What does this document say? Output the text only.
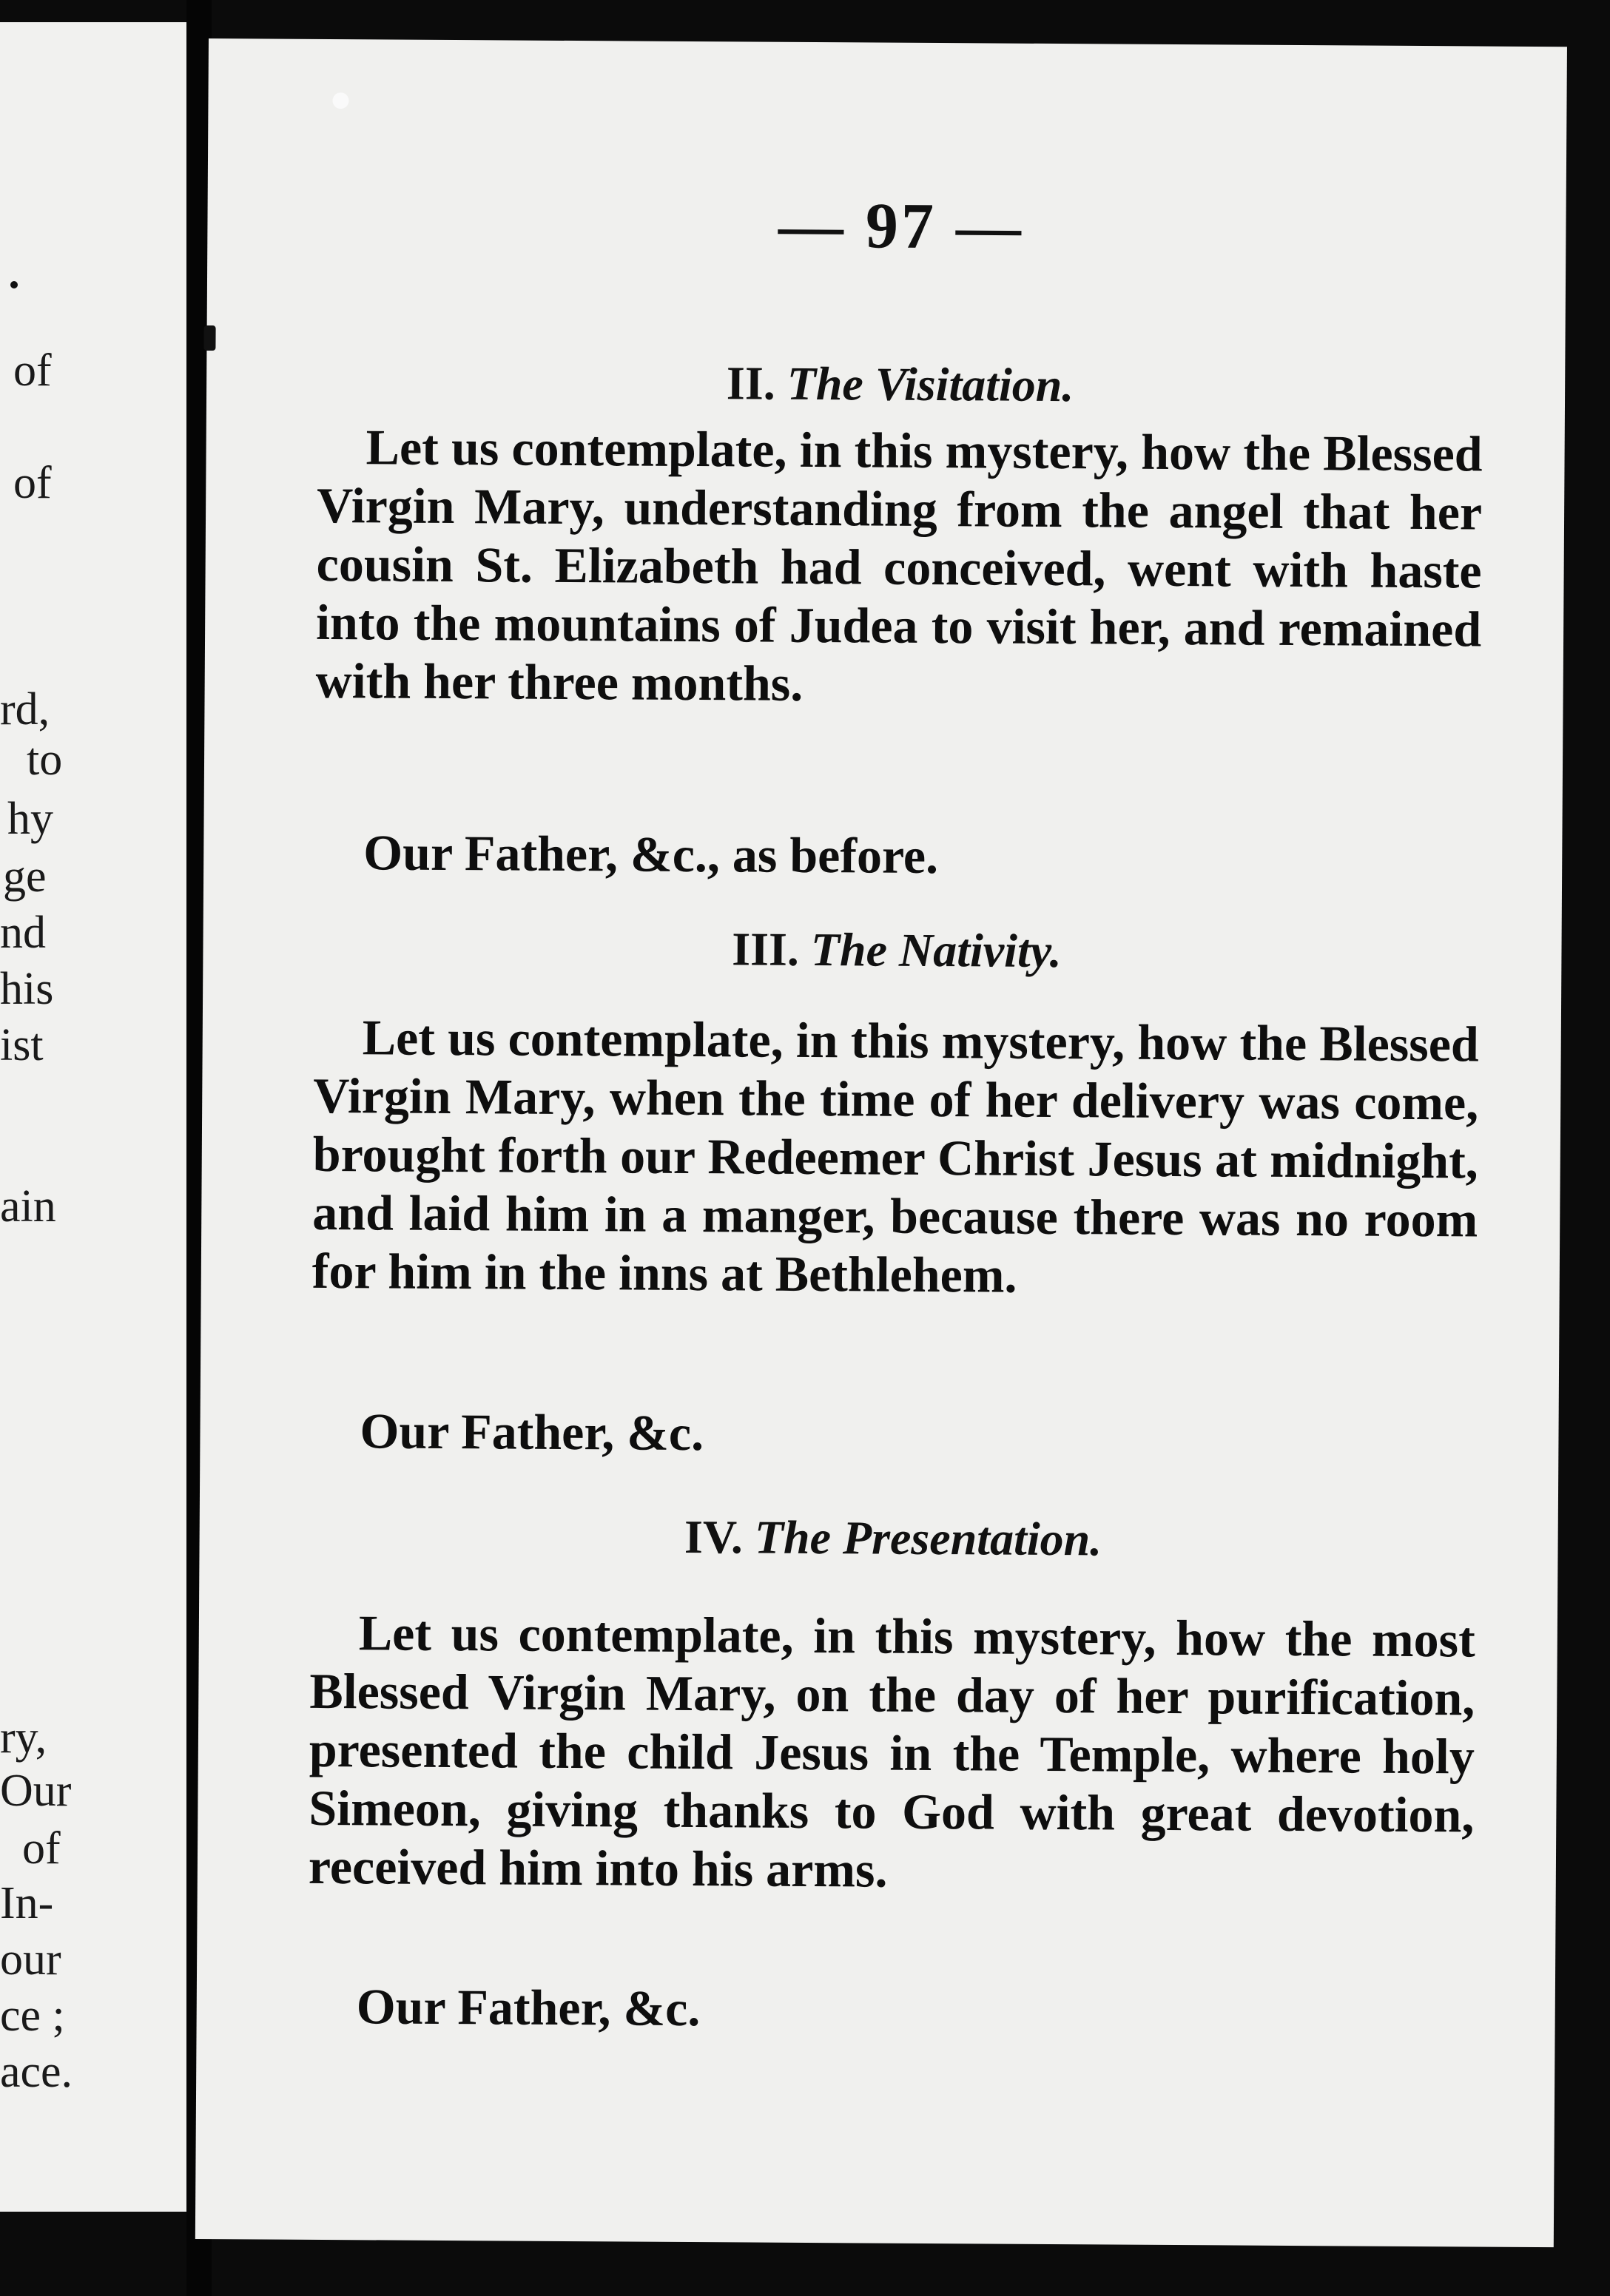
of
of
rd,
to
hy
ge
nd
his
ist
ain
ry,
Our
of
In-
our
ce ;
ace.
— 97 —
II. The Visitation.
Let us contemplate, in this mystery, how the Blessed Virgin Mary, understanding from the angel that her cousin St. Elizabeth had conceived, went with haste into the mountains of Judea to visit her, and remained with her three months.
Our Father, &c., as before.
III. The Nativity.
Let us contemplate, in this mystery, how the Blessed Virgin Mary, when the time of her delivery was come, brought forth our Redeemer Christ Jesus at midnight, and laid him in a manger, because there was no room for him in the inns at Bethlehem.
Our Father, &c.
IV. The Presentation.
Let us contemplate, in this mystery, how the most Blessed Virgin Mary, on the day of her purification, presented the child Jesus in the Temple, where holy Simeon, giving thanks to God with great devotion, received him into his arms.
Our Father, &c.
